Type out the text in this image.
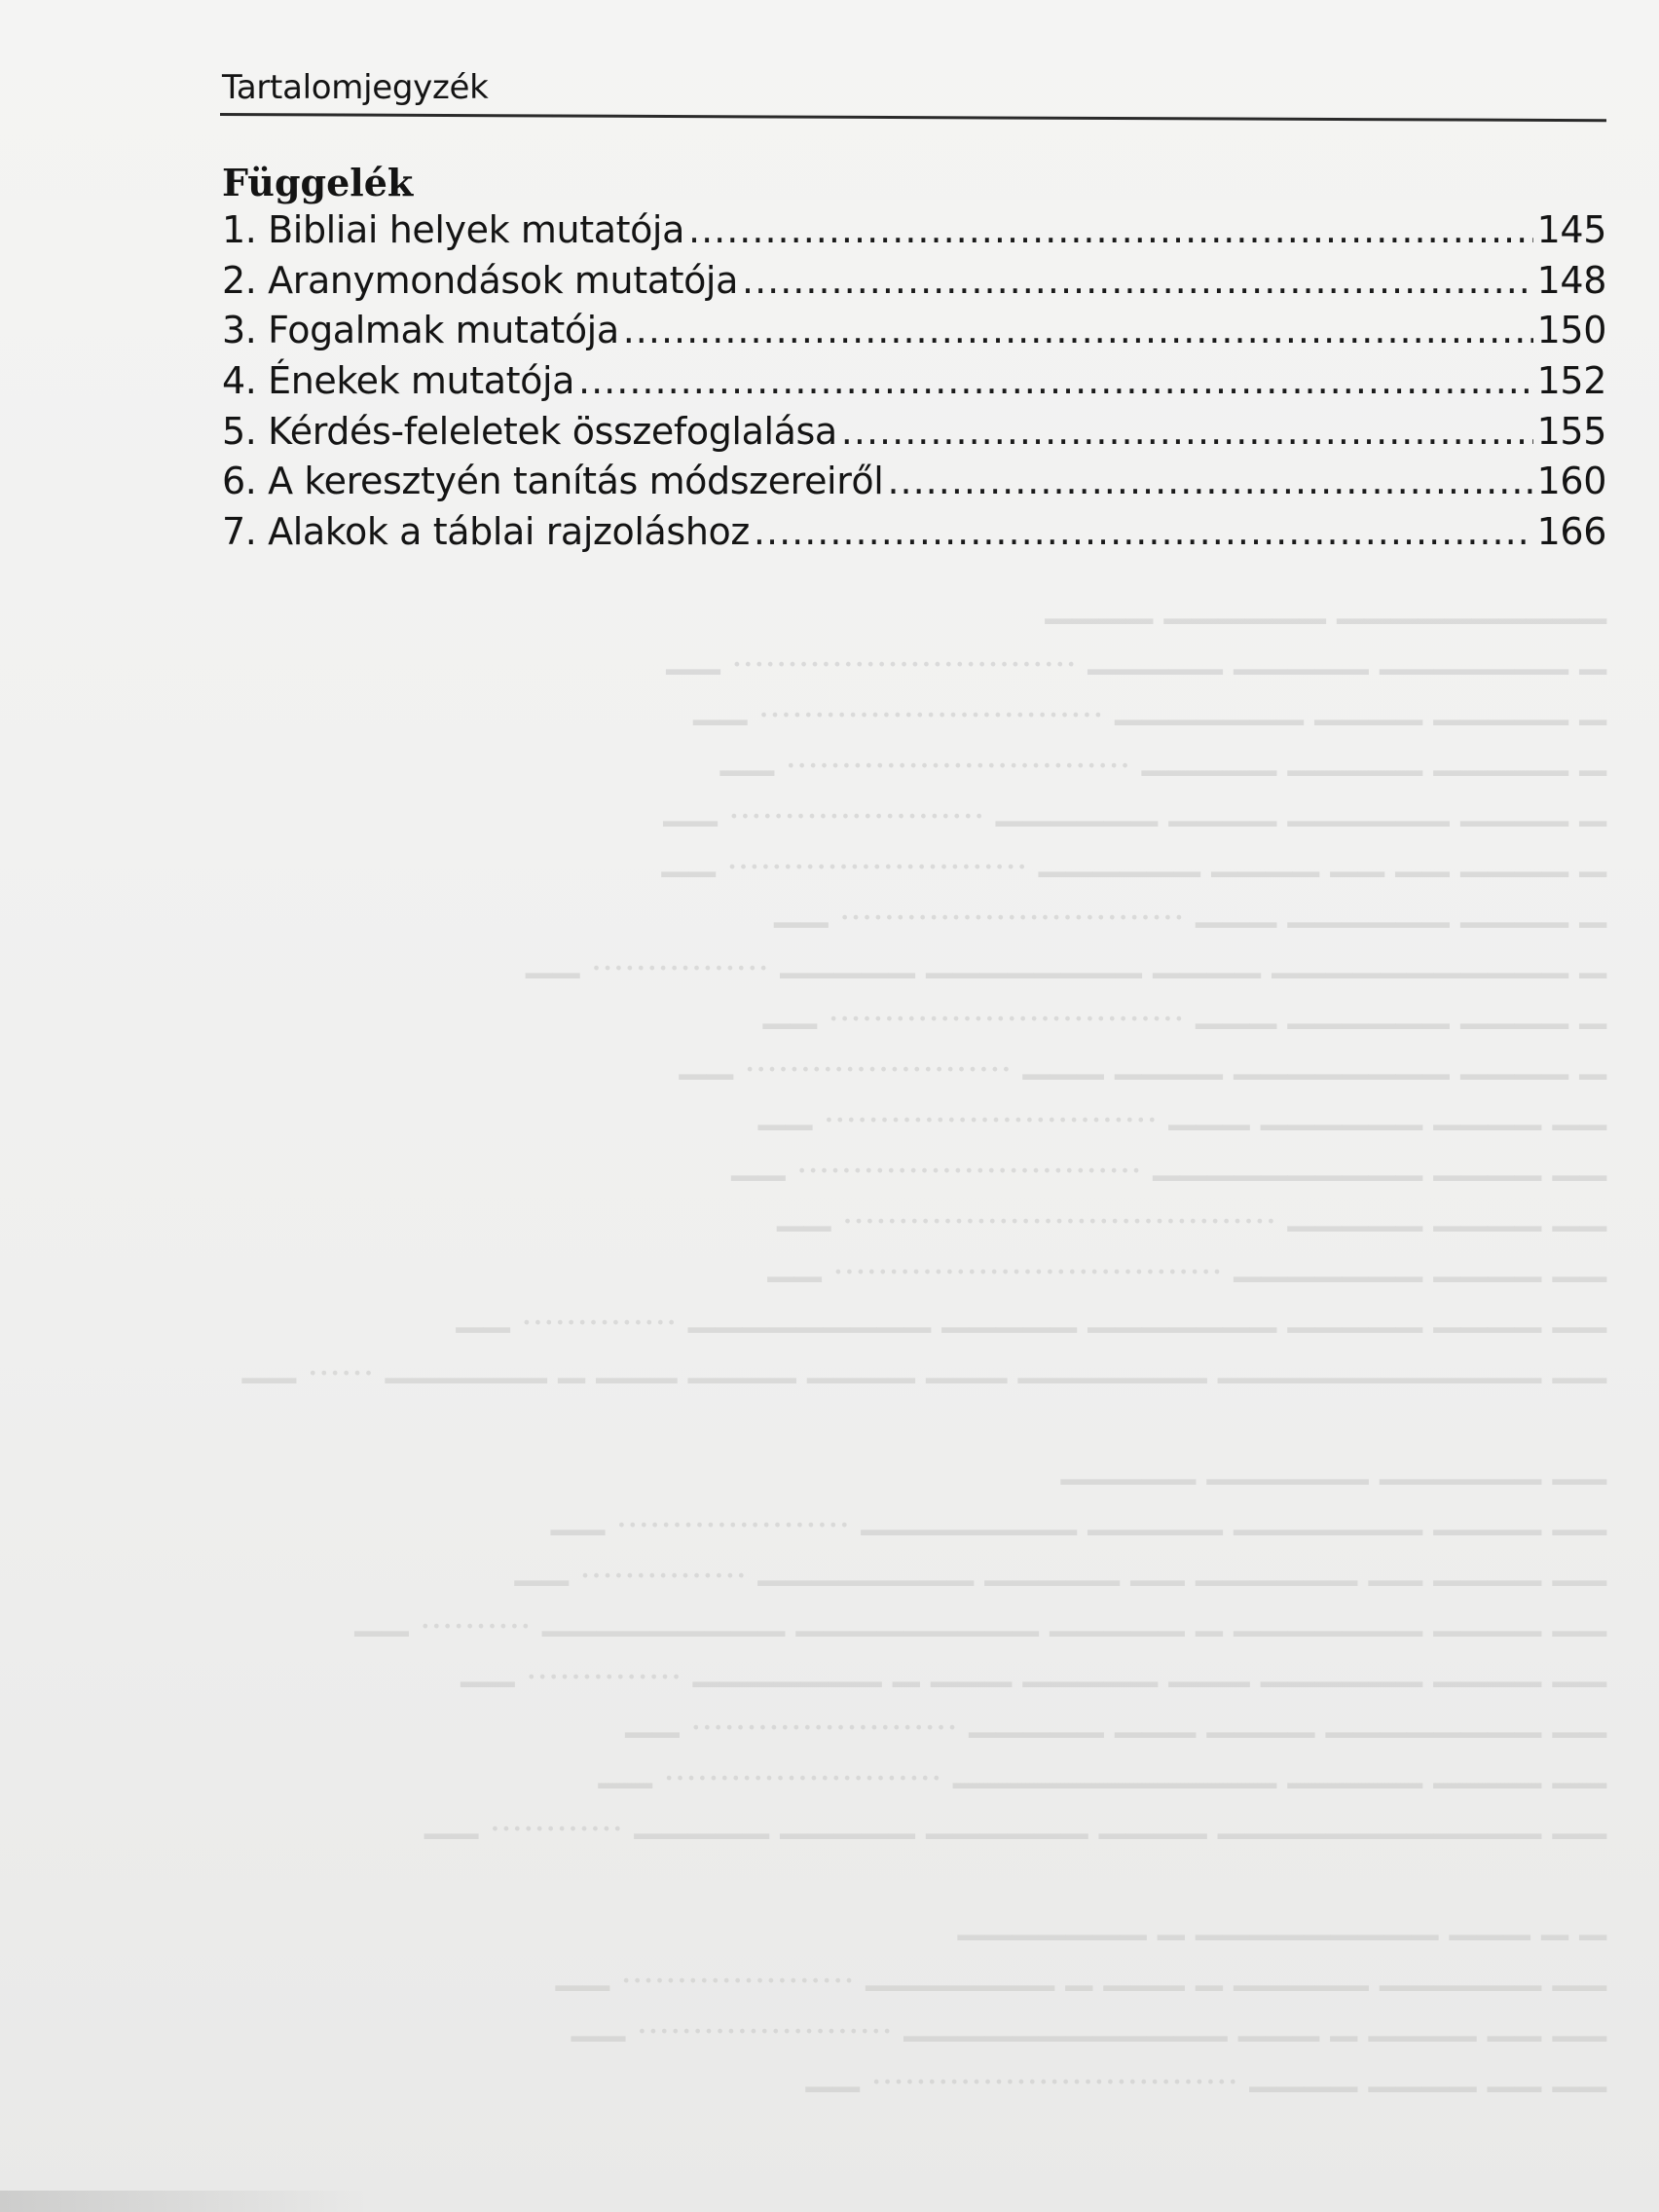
Tartalomjegyzék
Függelék
1. Bibliai helyek mutatója .....	145
2. Aranymondások mutatója .....	148
3. Fogalmak mutatója .....	150
4. Énekek mutatója .....	152
5. Kérdés-feleletek összefoglalása .....	155
6. A keresztyén tanítás módszereiről .....	160
7. Alakok a táblai rajzoláshoz .....	166
▁▁▁▁▁▁▁▁▁▁ ▁▁▁▁▁▁ ▁▁▁▁
▁ ▁▁▁▁▁▁▁ ▁▁▁▁▁ ▁▁▁▁▁ ............................... ▁▁
▁ ▁▁▁▁▁ ▁▁▁▁ ▁▁▁▁▁▁▁ ............................... ▁▁
▁ ▁▁▁▁▁ ▁▁▁▁▁ ▁▁▁▁▁ ............................... ▁▁
▁ ▁▁▁▁ ▁▁▁▁▁▁ ▁▁▁▁ ▁▁▁▁▁▁ ....................... ▁▁
▁ ▁▁▁▁ ▁▁ ▁▁ ▁▁▁▁ ▁▁▁▁▁▁ ........................... ▁▁
▁ ▁▁▁▁ ▁▁▁▁▁▁ ▁▁▁ ............................... ▁▁
▁ ▁▁▁▁▁▁▁▁▁▁▁ ▁▁▁▁ ▁▁▁▁▁▁▁▁ ▁▁▁▁▁ ................ ▁▁
▁ ▁▁▁▁ ▁▁▁▁▁▁ ▁▁▁ ................................ ▁▁
▁ ▁▁▁▁ ▁▁▁▁▁▁▁▁ ▁▁▁▁ ▁▁▁ ........................ ▁▁
▁▁ ▁▁▁▁ ▁▁▁▁▁▁ ▁▁▁ .............................. ▁▁
▁▁ ▁▁▁▁ ▁▁▁▁▁▁▁▁▁▁ ............................... ▁▁
▁▁ ▁▁▁▁ ▁▁▁▁▁ ....................................... ▁▁
▁▁ ▁▁▁▁ ▁▁▁▁▁▁▁ ................................... ▁▁
▁▁ ▁▁▁▁ ▁▁▁▁▁ ▁▁▁▁▁▁▁ ▁▁▁▁▁ ▁▁▁▁▁▁▁▁▁ .............. ▁▁
▁▁ ▁▁▁▁▁▁▁▁▁▁▁▁ ▁▁▁▁▁▁▁ ▁▁▁ ▁▁▁▁ ▁▁▁▁ ▁▁▁ ▁ ▁▁▁▁▁▁ ...... ▁▁
▁▁ ▁▁▁▁▁▁ ▁▁▁▁▁▁ ▁▁▁▁▁
▁▁ ▁▁▁▁ ▁▁▁▁▁▁▁ ▁▁▁▁▁ ▁▁▁▁▁▁▁▁ ..................... ▁▁
▁▁ ▁▁▁▁ ▁▁ ▁▁▁▁▁▁ ▁▁ ▁▁▁▁▁ ▁▁▁▁▁▁▁▁ ............... ▁▁
▁▁ ▁▁▁▁ ▁▁▁▁▁▁▁ ▁ ▁▁▁▁▁ ▁▁▁▁▁▁▁▁▁ ▁▁▁▁▁▁▁▁▁ .......... ▁▁
▁▁ ▁▁▁▁ ▁▁▁▁▁▁ ▁▁▁ ▁▁▁▁▁ ▁▁▁ ▁ ▁▁▁▁▁▁▁ .............. ▁▁
▁▁ ▁▁▁▁▁▁▁▁ ▁▁▁▁ ▁▁▁ ▁▁▁▁▁ ........................ ▁▁
▁▁ ▁▁▁▁ ▁▁▁▁▁ ▁▁▁▁▁▁▁▁▁▁▁▁ ......................... ▁▁
▁▁ ▁▁▁▁▁▁▁▁▁▁▁▁ ▁▁▁▁ ▁▁▁▁▁▁ ▁▁▁▁▁ ▁▁▁▁▁ ............ ▁▁
▁ ▁ ▁▁▁ ▁▁▁▁▁▁▁▁▁ ▁ ▁▁▁▁▁▁▁
▁▁ ▁▁▁▁▁▁ ▁▁▁▁▁ ▁ ▁▁▁ ▁ ▁▁▁▁▁▁▁ ..................... ▁▁
▁▁ ▁▁ ▁▁▁▁ ▁ ▁▁▁ ▁▁▁▁▁▁▁▁▁▁▁▁ ....................... ▁▁
▁▁ ▁▁ ▁▁▁▁ ▁▁▁▁ ................................. ▁▁
